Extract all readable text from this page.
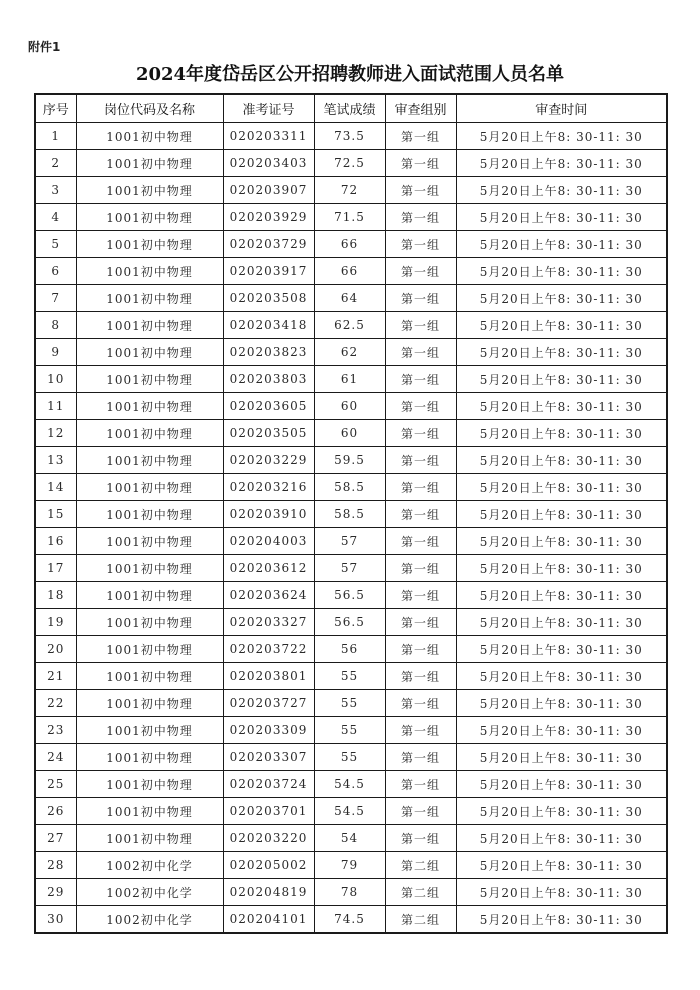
附件1
2024年度岱岳区公开招聘教师进入面试范围人员名单
序号	岗位代码及名称	准考证号	笔试成绩	审查组别	审查时间
1	1001初中物理	020203311	73.5	第一组	5月20日上午8: 30-11: 30
2	1001初中物理	020203403	72.5	第一组	5月20日上午8: 30-11: 30
3	1001初中物理	020203907	72	第一组	5月20日上午8: 30-11: 30
4	1001初中物理	020203929	71.5	第一组	5月20日上午8: 30-11: 30
5	1001初中物理	020203729	66	第一组	5月20日上午8: 30-11: 30
6	1001初中物理	020203917	66	第一组	5月20日上午8: 30-11: 30
7	1001初中物理	020203508	64	第一组	5月20日上午8: 30-11: 30
8	1001初中物理	020203418	62.5	第一组	5月20日上午8: 30-11: 30
9	1001初中物理	020203823	62	第一组	5月20日上午8: 30-11: 30
10	1001初中物理	020203803	61	第一组	5月20日上午8: 30-11: 30
11	1001初中物理	020203605	60	第一组	5月20日上午8: 30-11: 30
12	1001初中物理	020203505	60	第一组	5月20日上午8: 30-11: 30
13	1001初中物理	020203229	59.5	第一组	5月20日上午8: 30-11: 30
14	1001初中物理	020203216	58.5	第一组	5月20日上午8: 30-11: 30
15	1001初中物理	020203910	58.5	第一组	5月20日上午8: 30-11: 30
16	1001初中物理	020204003	57	第一组	5月20日上午8: 30-11: 30
17	1001初中物理	020203612	57	第一组	5月20日上午8: 30-11: 30
18	1001初中物理	020203624	56.5	第一组	5月20日上午8: 30-11: 30
19	1001初中物理	020203327	56.5	第一组	5月20日上午8: 30-11: 30
20	1001初中物理	020203722	56	第一组	5月20日上午8: 30-11: 30
21	1001初中物理	020203801	55	第一组	5月20日上午8: 30-11: 30
22	1001初中物理	020203727	55	第一组	5月20日上午8: 30-11: 30
23	1001初中物理	020203309	55	第一组	5月20日上午8: 30-11: 30
24	1001初中物理	020203307	55	第一组	5月20日上午8: 30-11: 30
25	1001初中物理	020203724	54.5	第一组	5月20日上午8: 30-11: 30
26	1001初中物理	020203701	54.5	第一组	5月20日上午8: 30-11: 30
27	1001初中物理	020203220	54	第一组	5月20日上午8: 30-11: 30
28	1002初中化学	020205002	79	第二组	5月20日上午8: 30-11: 30
29	1002初中化学	020204819	78	第二组	5月20日上午8: 30-11: 30
30	1002初中化学	020204101	74.5	第二组	5月20日上午8: 30-11: 30
